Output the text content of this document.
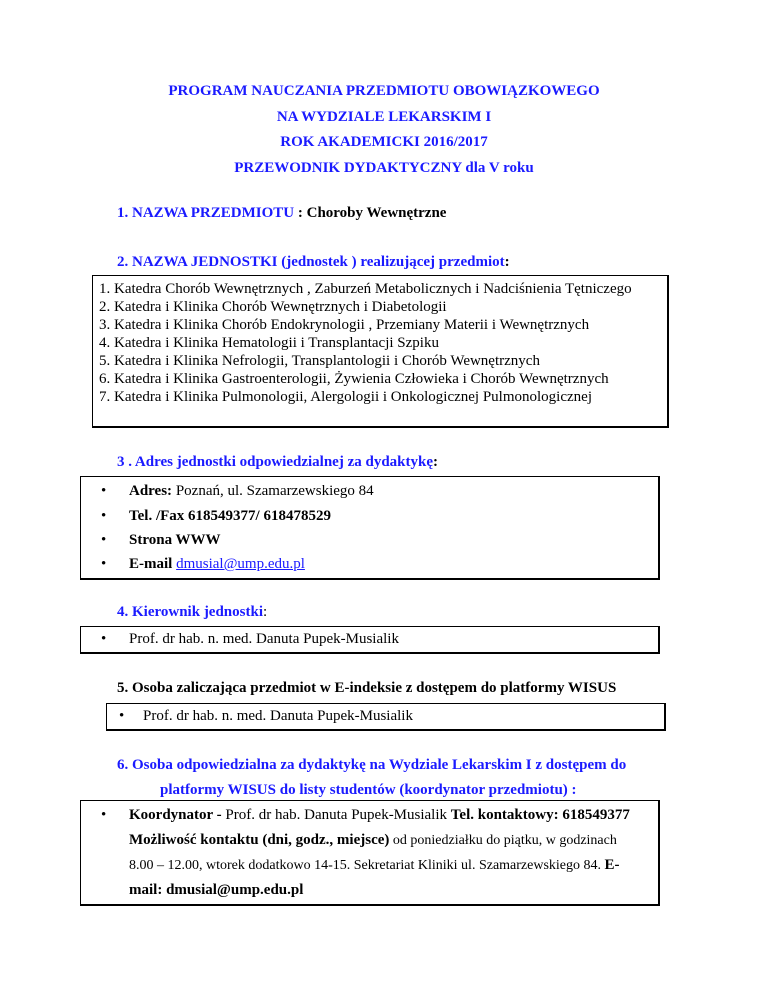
PROGRAM NAUCZANIA PRZEDMIOTU OBOWIĄZKOWEGO
NA WYDZIALE LEKARSKIM I
ROK AKADEMICKI 2016/2017
PRZEWODNIK DYDAKTYCZNY dla V roku
1. NAZWA PRZEDMIOTU : Choroby Wewnętrzne
2. NAZWA JEDNOSTKI (jednostek ) realizującej przedmiot:
1. Katedra Chorób Wewnętrznych , Zaburzeń Metabolicznych i Nadciśnienia Tętniczego
2. Katedra i Klinika Chorób Wewnętrznych i Diabetologii
3. Katedra i Klinika Chorób Endokrynologii , Przemiany Materii i Wewnętrznych
4. Katedra i Klinika Hematologii i Transplantacji Szpiku
5. Katedra i Klinika Nefrologii, Transplantologii i Chorób Wewnętrznych
6. Katedra i Klinika Gastroenterologii, Żywienia Człowieka i Chorób Wewnętrznych
7. Katedra i Klinika Pulmonologii, Alergologii i Onkologicznej Pulmonologicznej
3 . Adres jednostki odpowiedzialnej za dydaktykę:
• Adres: Poznań, ul. Szamarzewskiego 84
• Tel. /Fax 618549377/ 618478529
• Strona WWW
• E-mail dmusial@ump.edu.pl
4. Kierownik jednostki:
• Prof. dr hab. n. med. Danuta Pupek-Musialik
5. Osoba zaliczająca przedmiot w E-indeksie z dostępem do platformy WISUS
• Prof. dr hab. n. med. Danuta Pupek-Musialik
6. Osoba odpowiedzialna za dydaktykę na Wydziale Lekarskim I z dostępem do
platformy WISUS do listy studentów (koordynator przedmiotu) :
• Koordynator - Prof. dr hab. Danuta Pupek-Musialik Tel. kontaktowy: 618549377
Możliwość kontaktu (dni, godz., miejsce) od poniedziałku do piątku, w godzinach
8.00 – 12.00, wtorek dodatkowo 14-15. Sekretariat Kliniki ul. Szamarzewskiego 84. E-
mail: dmusial@ump.edu.pl
